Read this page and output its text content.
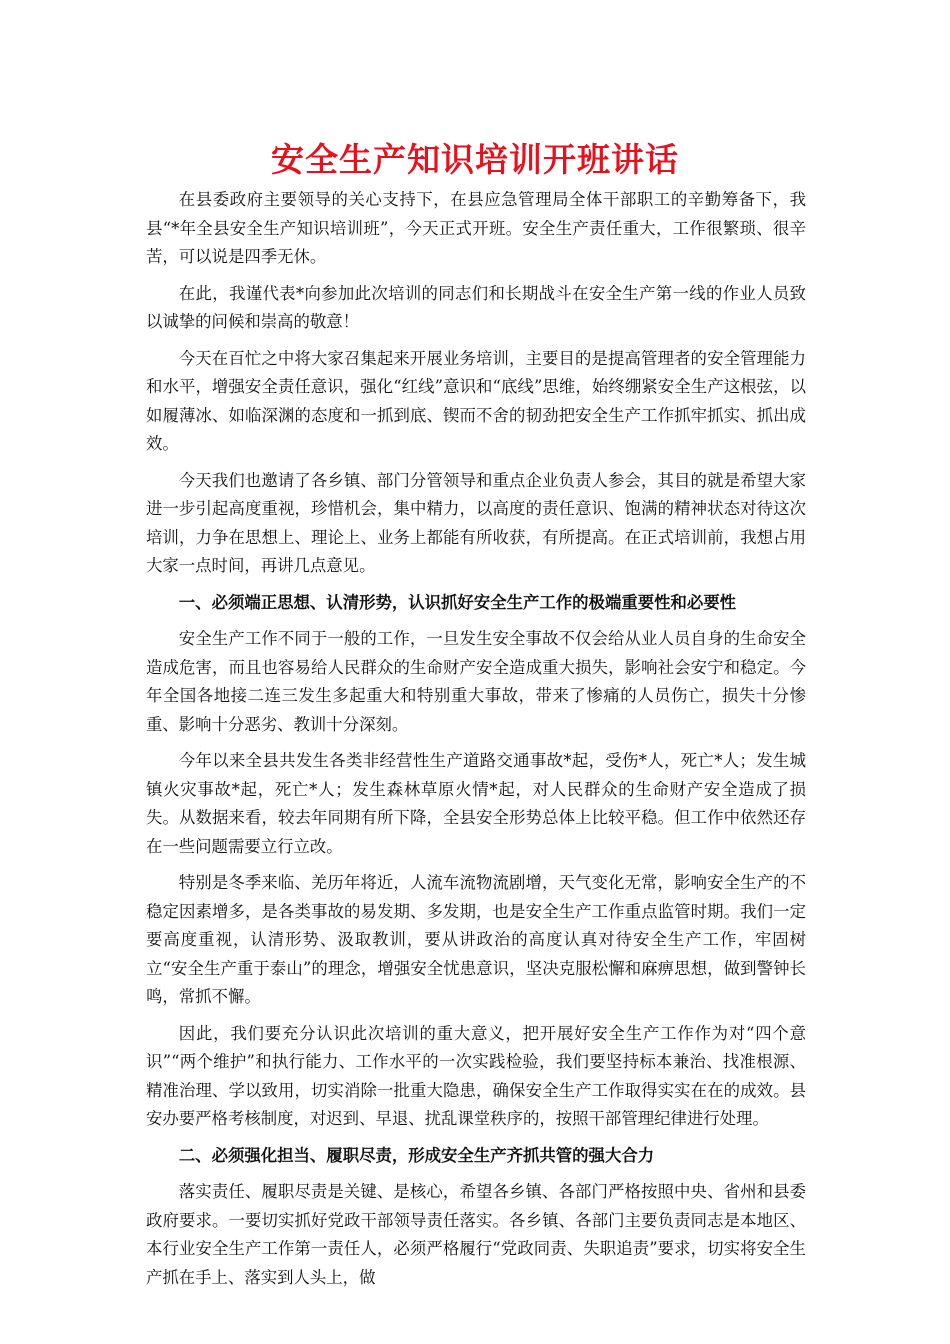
安全生产知识培训开班讲话

在县委政府主要领导的关心支持下，在县应急管理局全体干部职工的辛勤筹备下，我县“*年全县安全生产知识培训班”，今天正式开班。安全生产责任重大，工作很繁琐、很辛苦，可以说是四季无休。

在此，我谨代表*向参加此次培训的同志们和长期战斗在安全生产第一线的作业人员致以诚挚的问候和崇高的敬意！

今天在百忙之中将大家召集起来开展业务培训，主要目的是提高管理者的安全管理能力和水平，增强安全责任意识，强化“红线”意识和“底线”思维，始终绷紧安全生产这根弦，以如履薄冰、如临深渊的态度和一抓到底、锲而不舍的韧劲把安全生产工作抓牢抓实、抓出成效。

今天我们也邀请了各乡镇、部门分管领导和重点企业负责人参会，其目的就是希望大家进一步引起高度重视，珍惜机会，集中精力，以高度的责任意识、饱满的精神状态对待这次培训，力争在思想上、理论上、业务上都能有所收获，有所提高。在正式培训前，我想占用大家一点时间，再讲几点意见。

一、必须端正思想、认清形势，认识抓好安全生产工作的极端重要性和必要性

安全生产工作不同于一般的工作，一旦发生安全事故不仅会给从业人员自身的生命安全造成危害，而且也容易给人民群众的生命财产安全造成重大损失，影响社会安宁和稳定。今年全国各地接二连三发生多起重大和特别重大事故，带来了惨痛的人员伤亡，损失十分惨重、影响十分恶劣、教训十分深刻。

今年以来全县共发生各类非经营性生产道路交通事故*起，受伤*人，死亡*人；发生城镇火灾事故*起，死亡*人；发生森林草原火情*起，对人民群众的生命财产安全造成了损失。从数据来看，较去年同期有所下降，全县安全形势总体上比较平稳。但工作中依然还存在一些问题需要立行立改。

特别是冬季来临、羌历年将近，人流车流物流剧增，天气变化无常，影响安全生产的不稳定因素增多，是各类事故的易发期、多发期，也是安全生产工作重点监管时期。我们一定要高度重视，认清形势、汲取教训，要从讲政治的高度认真对待安全生产工作，牢固树立“安全生产重于泰山”的理念，增强安全忧患意识，坚决克服松懈和麻痹思想，做到警钟长鸣，常抓不懈。

因此，我们要充分认识此次培训的重大意义，把开展好安全生产工作作为对“四个意识”“两个维护”和执行能力、工作水平的一次实践检验，我们要坚持标本兼治、找准根源、精准治理、学以致用，切实消除一批重大隐患，确保安全生产工作取得实实在在的成效。县安办要严格考核制度，对迟到、早退、扰乱课堂秩序的，按照干部管理纪律进行处理。

二、必须强化担当、履职尽责，形成安全生产齐抓共管的强大合力

落实责任、履职尽责是关键、是核心，希望各乡镇、各部门严格按照中央、省州和县委政府要求。一要切实抓好党政干部领导责任落实。各乡镇、各部门主要负责同志是本地区、本行业安全生产工作第一责任人，必须严格履行“党政同责、失职追责”要求，切实将安全生产抓在手上、落实到人头上，做
